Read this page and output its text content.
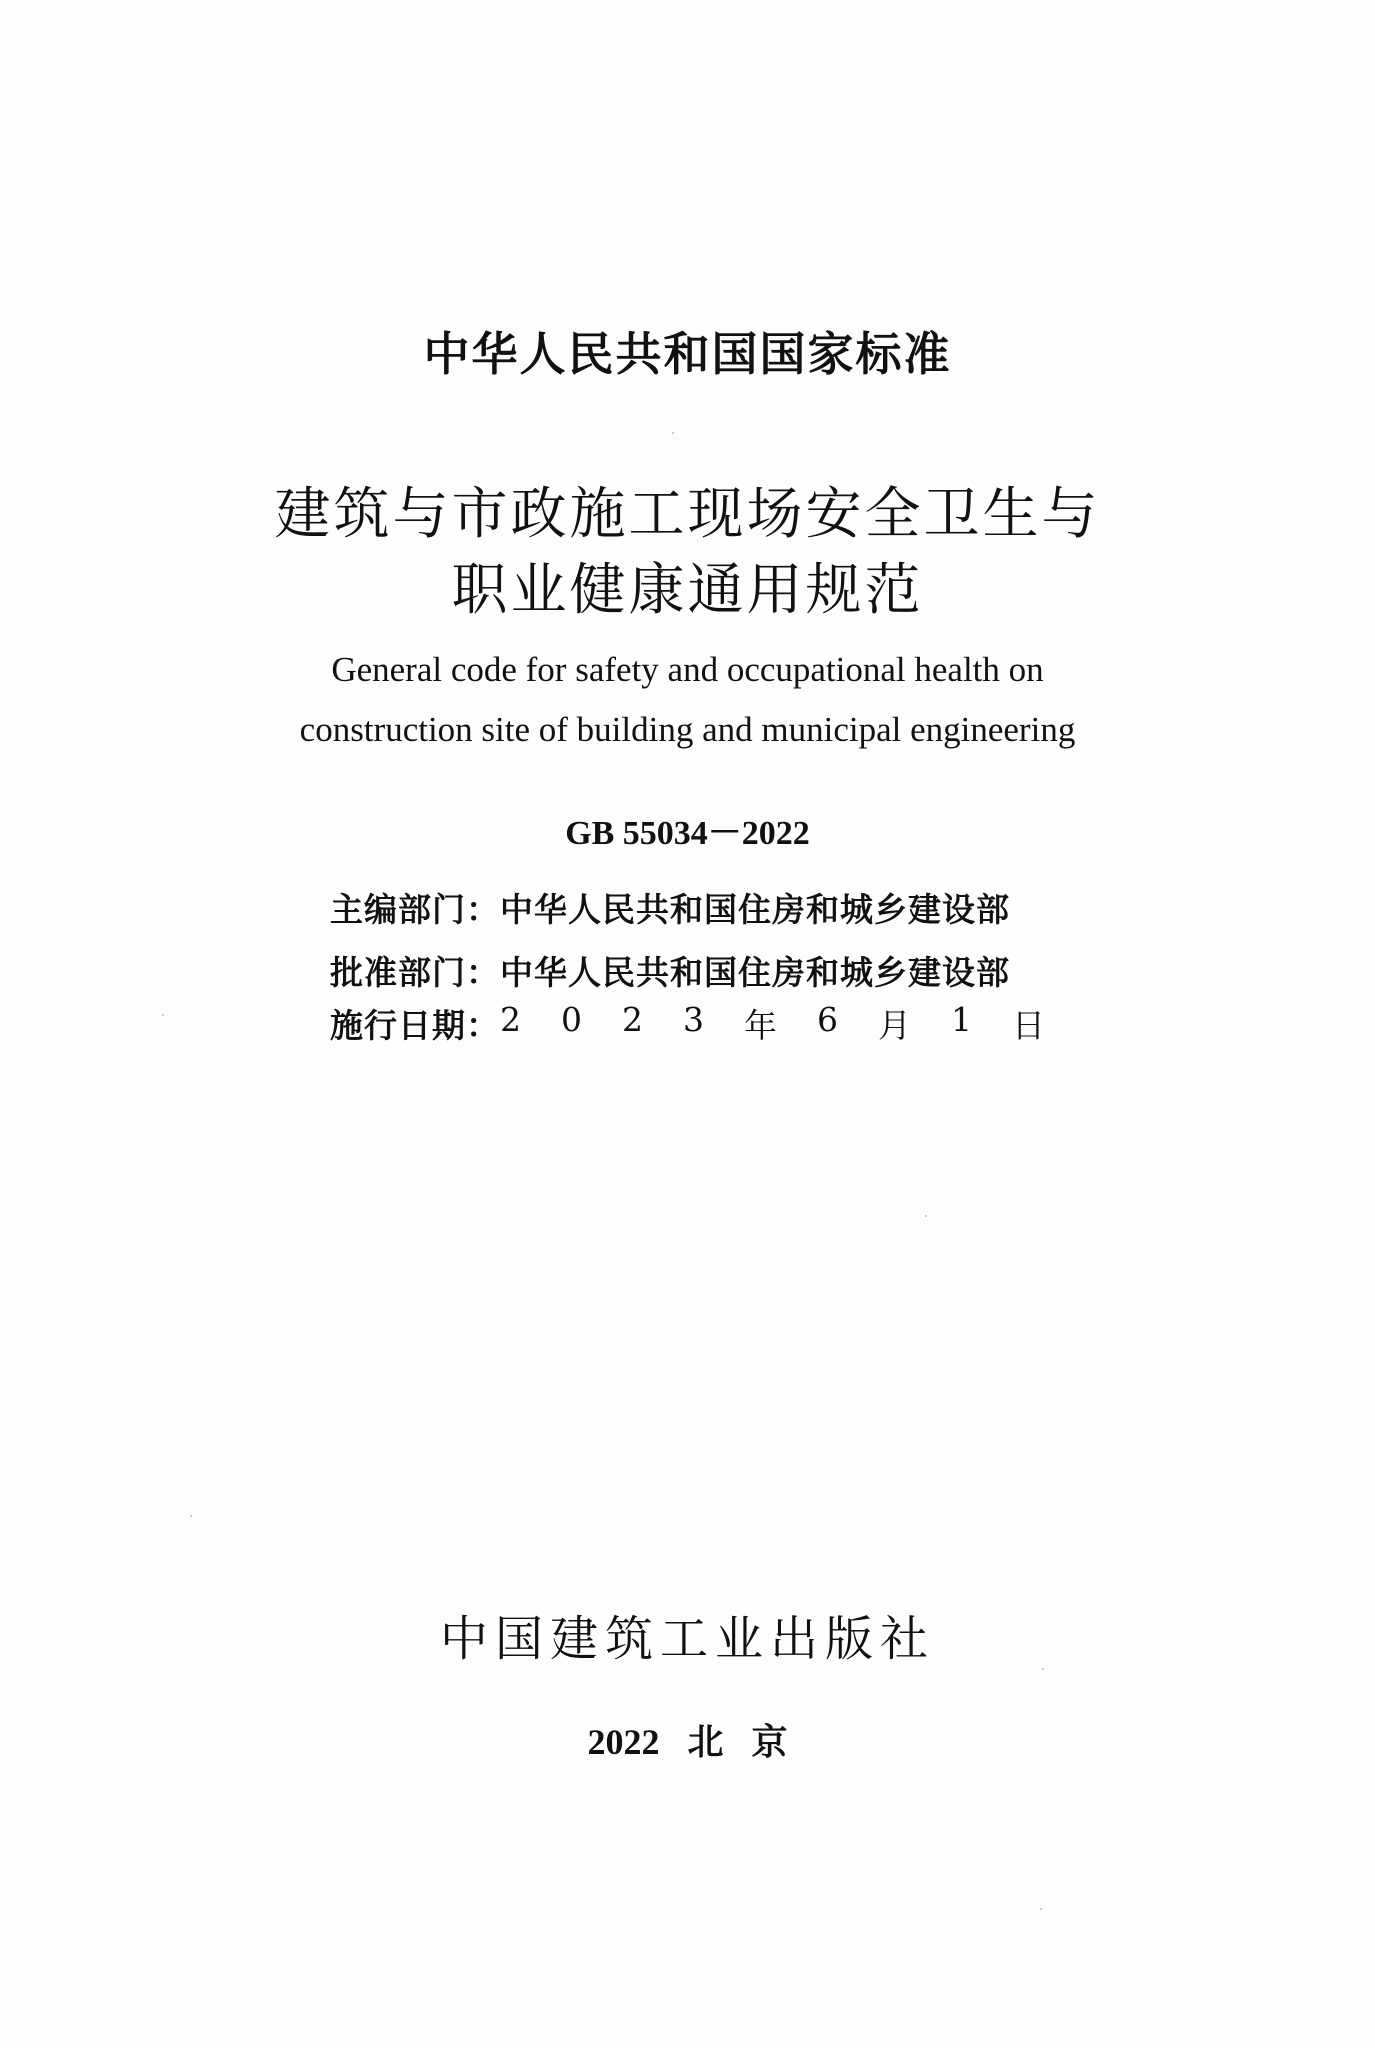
中华人民共和国国家标准
建筑与市政施工现场安全卫生与
职业健康通用规范
General code for safety and occupational health on
construction site of building and municipal engineering
GB 55034－2022
主编部门： 中华人民共和国住房和城乡建设部
批准部门： 中华人民共和国住房和城乡建设部
施行日期： 2 0 2 3 年 6 月 1 日
中国建筑工业出版社
2022 北 京
